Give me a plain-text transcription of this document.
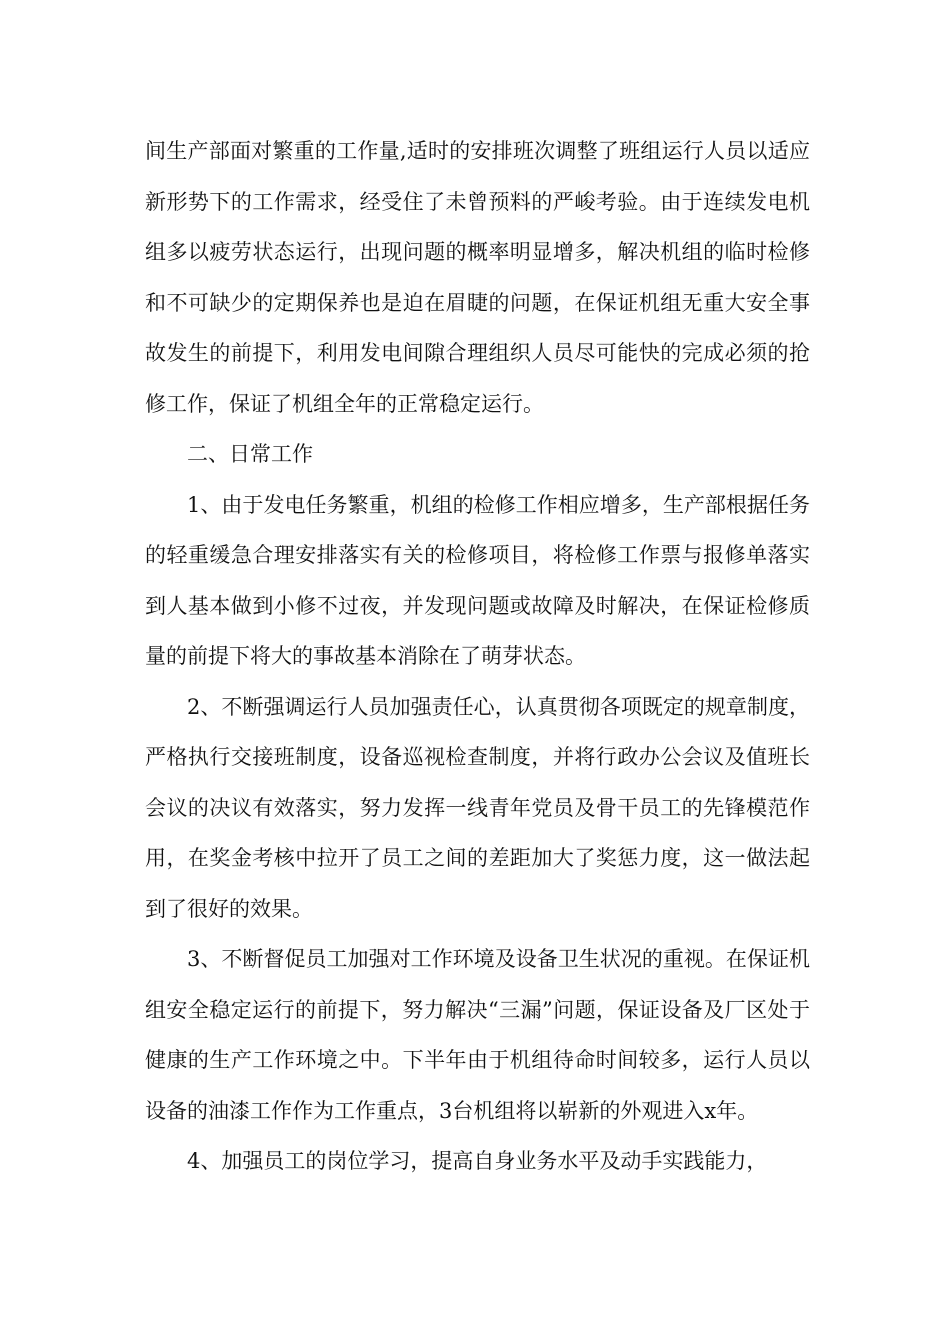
间生产部面对繁重的工作量,适时的安排班次调整了班组运行人员以适应新形势下的工作需求，经受住了未曾预料的严峻考验。由于连续发电机组多以疲劳状态运行，出现问题的概率明显增多，解决机组的临时检修和不可缺少的定期保养也是迫在眉睫的问题，在保证机组无重大安全事故发生的前提下，利用发电间隙合理组织人员尽可能快的完成必须的抢修工作，保证了机组全年的正常稳定运行。

二、日常工作

1、由于发电任务繁重，机组的检修工作相应增多，生产部根据任务的轻重缓急合理安排落实有关的检修项目，将检修工作票与报修单落实到人基本做到小修不过夜，并发现问题或故障及时解决，在保证检修质量的前提下将大的事故基本消除在了萌芽状态。

2、不断强调运行人员加强责任心，认真贯彻各项既定的规章制度，严格执行交接班制度，设备巡视检查制度，并将行政办公会议及值班长会议的决议有效落实，努力发挥一线青年党员及骨干员工的先锋模范作用，在奖金考核中拉开了员工之间的差距加大了奖惩力度，这一做法起到了很好的效果。

3、不断督促员工加强对工作环境及设备卫生状况的重视。在保证机组安全稳定运行的前提下，努力解决“三漏”问题，保证设备及厂区处于健康的生产工作环境之中。下半年由于机组待命时间较多，运行人员以设备的油漆工作作为工作重点，3台机组将以崭新的外观进入x年。

4、加强员工的岗位学习，提高自身业务水平及动手实践能力，
